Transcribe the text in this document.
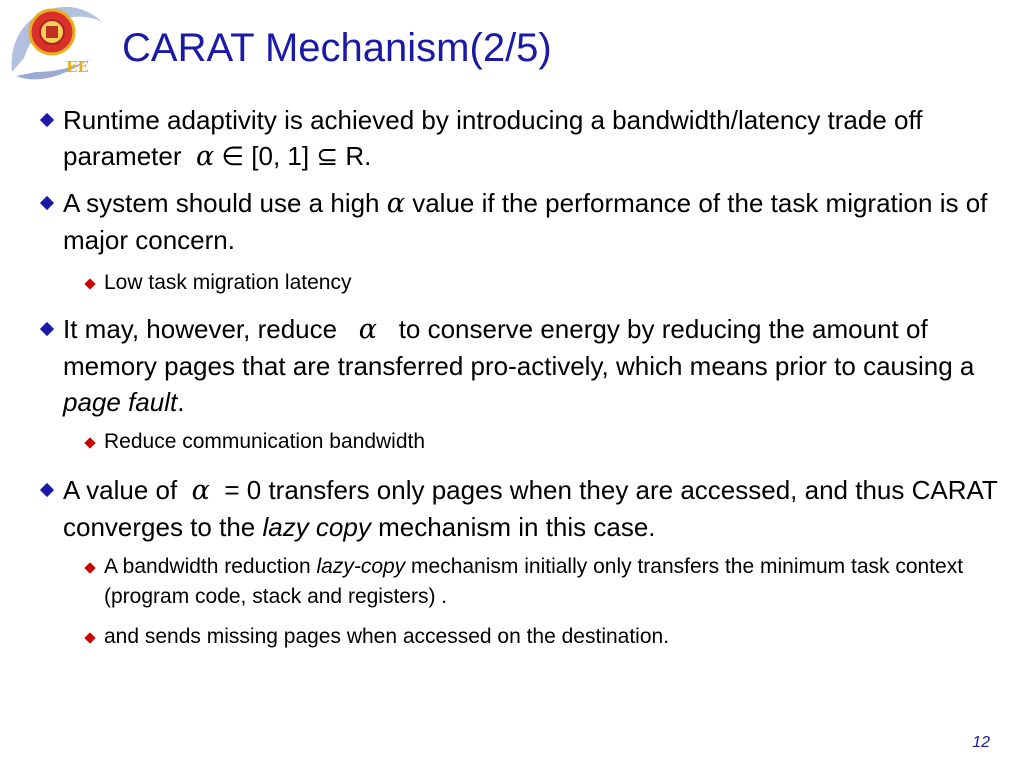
EE CARAT Mechanism(2/5)
Runtime adaptivity is achieved by introducing a bandwidth/latency trade off parameter α ∈ [0, 1] ⊆ R.
A system should use a high α value if the performance of the task migration is of major concern.
Low task migration latency
It may, however, reduce   α   to conserve energy by reducing the amount of memory pages that are transferred pro-actively, which means prior to causing a page fault.
Reduce communication bandwidth
A value of  α  = 0 transfers only pages when they are accessed, and thus CARAT converges to the lazy copy mechanism in this case.
A bandwidth reduction lazy-copy mechanism initially only transfers the minimum task context (program code, stack and registers) .
and sends missing pages when accessed on the destination.
12
